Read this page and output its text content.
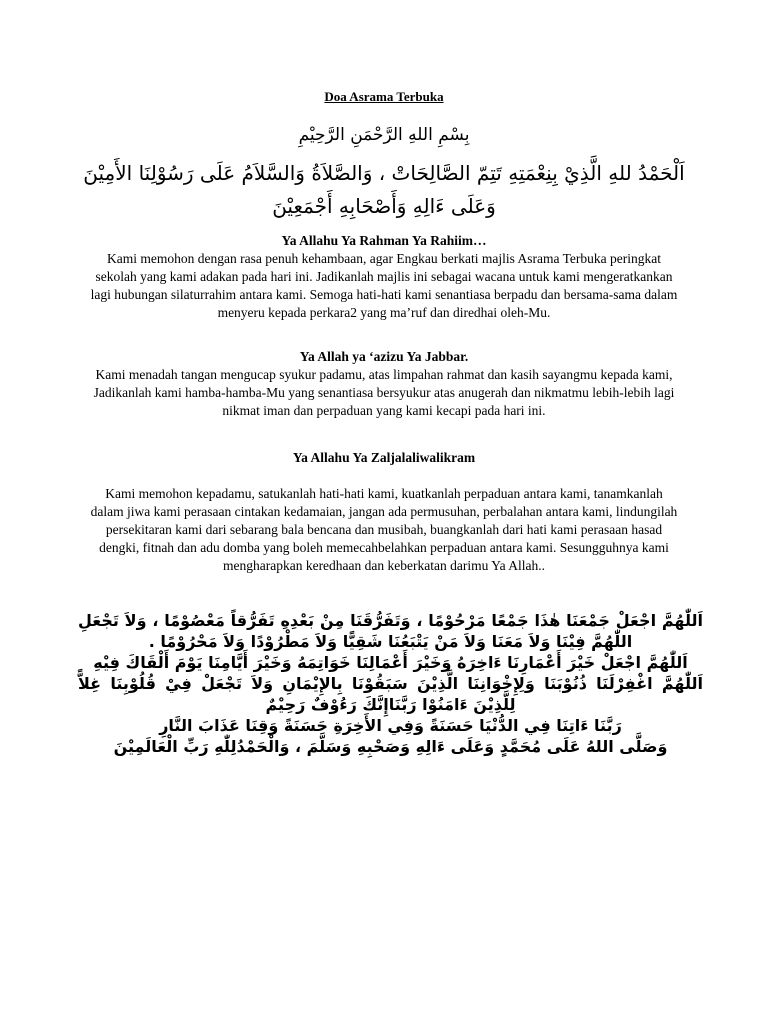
Doa Asrama Terbuka
بِسْمِ اللهِ الرَّحْمَنِ الرَّحِيْمِ
اَلْحَمْدُ للهِ الَّذِيْ بِنِعْمَتِهِ تَتِمّ الصَّالِحَاتْ ، وَالصَّلاَةُ وَالسَّلاَمُ عَلَى رَسُوْلِنَا الأَمِيْنَ وَعَلَى ءَالِهِ وَأَصْحَابِهِ أَجْمَعِيْنَ
Ya Allahu Ya Rahman Ya Rahiim…

Kami memohon dengan rasa penuh kehambaan, agar Engkau berkati majlis Asrama Terbuka peringkat sekolah yang kami adakan pada hari ini. Jadikanlah majlis ini sebagai wacana untuk kami mengeratkankan lagi hubungan silaturrahim antara kami. Semoga hati-hati kami senantiasa berpadu dan bersama-sama dalam menyeru kepada perkara2 yang ma’ruf dan diredhai oleh-Mu.

Ya Allah ya ‘azizu Ya Jabbar.

Kami menadah tangan mengucap syukur padamu, atas limpahan rahmat dan kasih sayangmu kepada kami, Jadikanlah kami hamba-hamba-Mu yang senantiasa bersyukur atas anugerah dan nikmatmu lebih-lebih lagi nikmat iman dan perpaduan yang kami kecapi pada hari ini.

Ya Allahu Ya Zaljalaliwalikram

Kami memohon kepadamu, satukanlah hati-hati kami, kuatkanlah perpaduan antara kami, tanamkanlah dalam jiwa kami perasaan cintakan kedamaian, jangan ada permusuhan, perbalahan antara kami, lindungilah persekitaran kami dari sebarang bala bencana dan musibah, buangkanlah dari hati kami perasaan hasad dengki, fitnah dan adu domba yang boleh memecahbelahkan perpaduan antara kami. Sesungguhnya kami mengharapkan keredhaan dan keberkatan darimu Ya Allah..

اَللّٰهُمَّ اجْعَلْ جَمْعَنَا هٰذَا جَمْعًا مَرْحُوْمًا ، وَتَفَرُّقَنَا مِنْ بَعْدِهِ تَفَرُّقاً مَعْصُوْمًا ، وَلاَ تَجْعَلِ اللّٰهُمَّ فِيْنَا وَلاَ مَعَنَا وَلاَ مَنْ يَتْبَعُنَا شَقِيًّا وَلاَ مَطْرُوْدًا وَلاَ مَحْرُوْمًا .

اَللّٰهُمَّ اجْعَلْ خَيْرَ أَعْمَارِنَا ءَاخِرَهُ وَخَيْرَ أَعْمَالِنَا خَوَاتِمَهُ وَخَيْرَ أَيَّامِنَا يَوْمَ أَلْقَاكَ فِيْهِ

اَللّٰهُمَّ اغْفِرْلَنَا ذُنُوْبَنَا وَلِإِخْوَانِنَا الَّذِيْنَ سَبَقُوْنَا بِالإِيْمَانِ وَلاَ تَجْعَلْ فِيْ قُلُوْبِنَا غِلاًّ لِلَّذِيْنَ ءَامَنُوْا رَبَّنَاإِنَّكَ رَءُوْفٌ رَحِيْمٌ

رَبَّنَا ءَاتِنَا فِي الدُّنْيَا حَسَنَةً وَفِي الأَخِرَةِ حَسَنَةً وَقِنَا عَذَابَ النَّارِ

وَصَلَّى اللهُ عَلَى مُحَمَّدٍ وَعَلَى ءَالِهِ وَصَحْبِهِ وَسَلَّمَ ، وَالْحَمْدُلِلّٰهِ رَبِّ الْعَالَمِيْنَ
